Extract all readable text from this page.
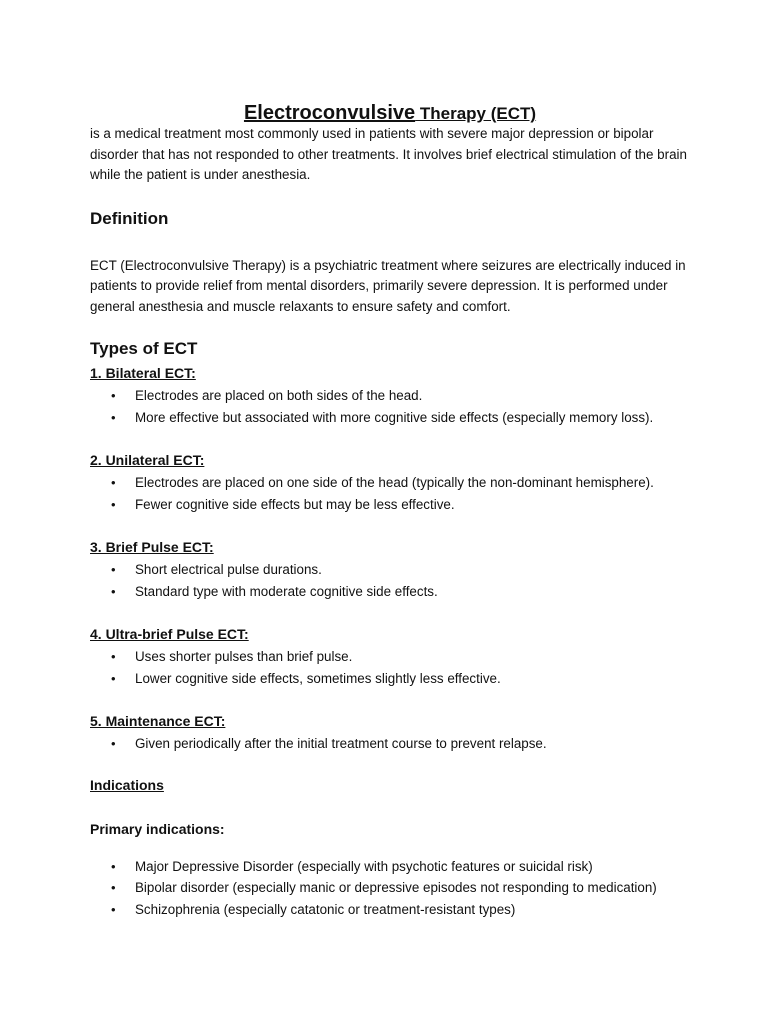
Electroconvulsive Therapy (ECT)

is a medical treatment most commonly used in patients with severe major depression or bipolar disorder that has not responded to other treatments. It involves brief electrical stimulation of the brain while the patient is under anesthesia.

Definition

ECT (Electroconvulsive Therapy) is a psychiatric treatment where seizures are electrically induced in patients to provide relief from mental disorders, primarily severe depression. It is performed under general anesthesia and muscle relaxants to ensure safety and comfort.

Types of ECT
1. Bilateral ECT:
• Electrodes are placed on both sides of the head.
• More effective but associated with more cognitive side effects (especially memory loss).
2. Unilateral ECT:
• Electrodes are placed on one side of the head (typically the non-dominant hemisphere).
• Fewer cognitive side effects but may be less effective.
3. Brief Pulse ECT:
• Short electrical pulse durations.
• Standard type with moderate cognitive side effects.
4. Ultra-brief Pulse ECT:
• Uses shorter pulses than brief pulse.
• Lower cognitive side effects, sometimes slightly less effective.
5. Maintenance ECT:
• Given periodically after the initial treatment course to prevent relapse.
Indications
Primary indications:
• Major Depressive Disorder (especially with psychotic features or suicidal risk)
• Bipolar disorder (especially manic or depressive episodes not responding to medication)
• Schizophrenia (especially catatonic or treatment-resistant types)
